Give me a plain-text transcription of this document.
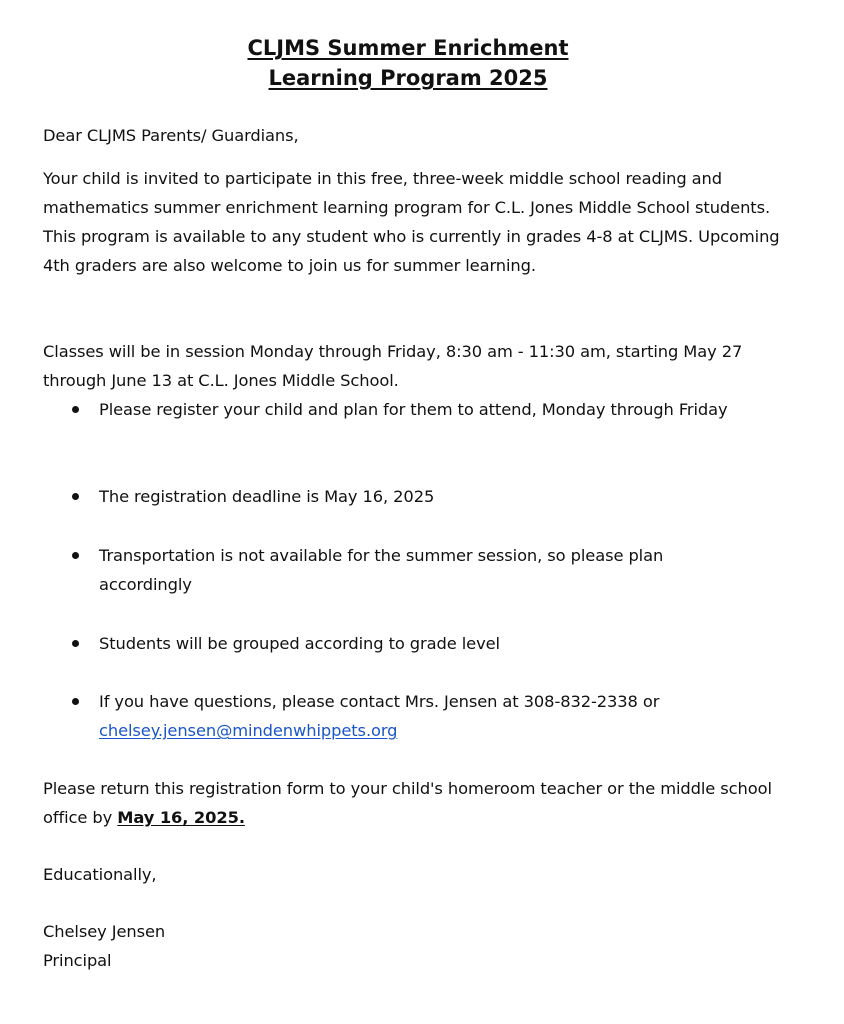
CLJMS Summer Enrichment
Learning Program 2025
Dear CLJMS Parents/ Guardians,
Your child is invited to participate in this free, three-week middle school reading and mathematics summer enrichment learning program for C.L. Jones Middle School students. This program is available to any student who is currently in grades 4-8 at CLJMS. Upcoming 4th graders are also welcome to join us for summer learning.
Classes will be in session Monday through Friday, 8:30 am - 11:30 am, starting May 27 through June 13 at C.L. Jones Middle School.
Please register your child and plan for them to attend, Monday through Friday
The registration deadline is May 16, 2025
Transportation is not available for the summer session, so please plan accordingly
Students will be grouped according to grade level
If you have questions, please contact Mrs. Jensen at 308-832-2338 or
chelsey.jensen@mindenwhippets.org
Please return this registration form to your child's homeroom teacher or the middle school office by May 16, 2025.
Educationally,
Chelsey Jensen
Principal
